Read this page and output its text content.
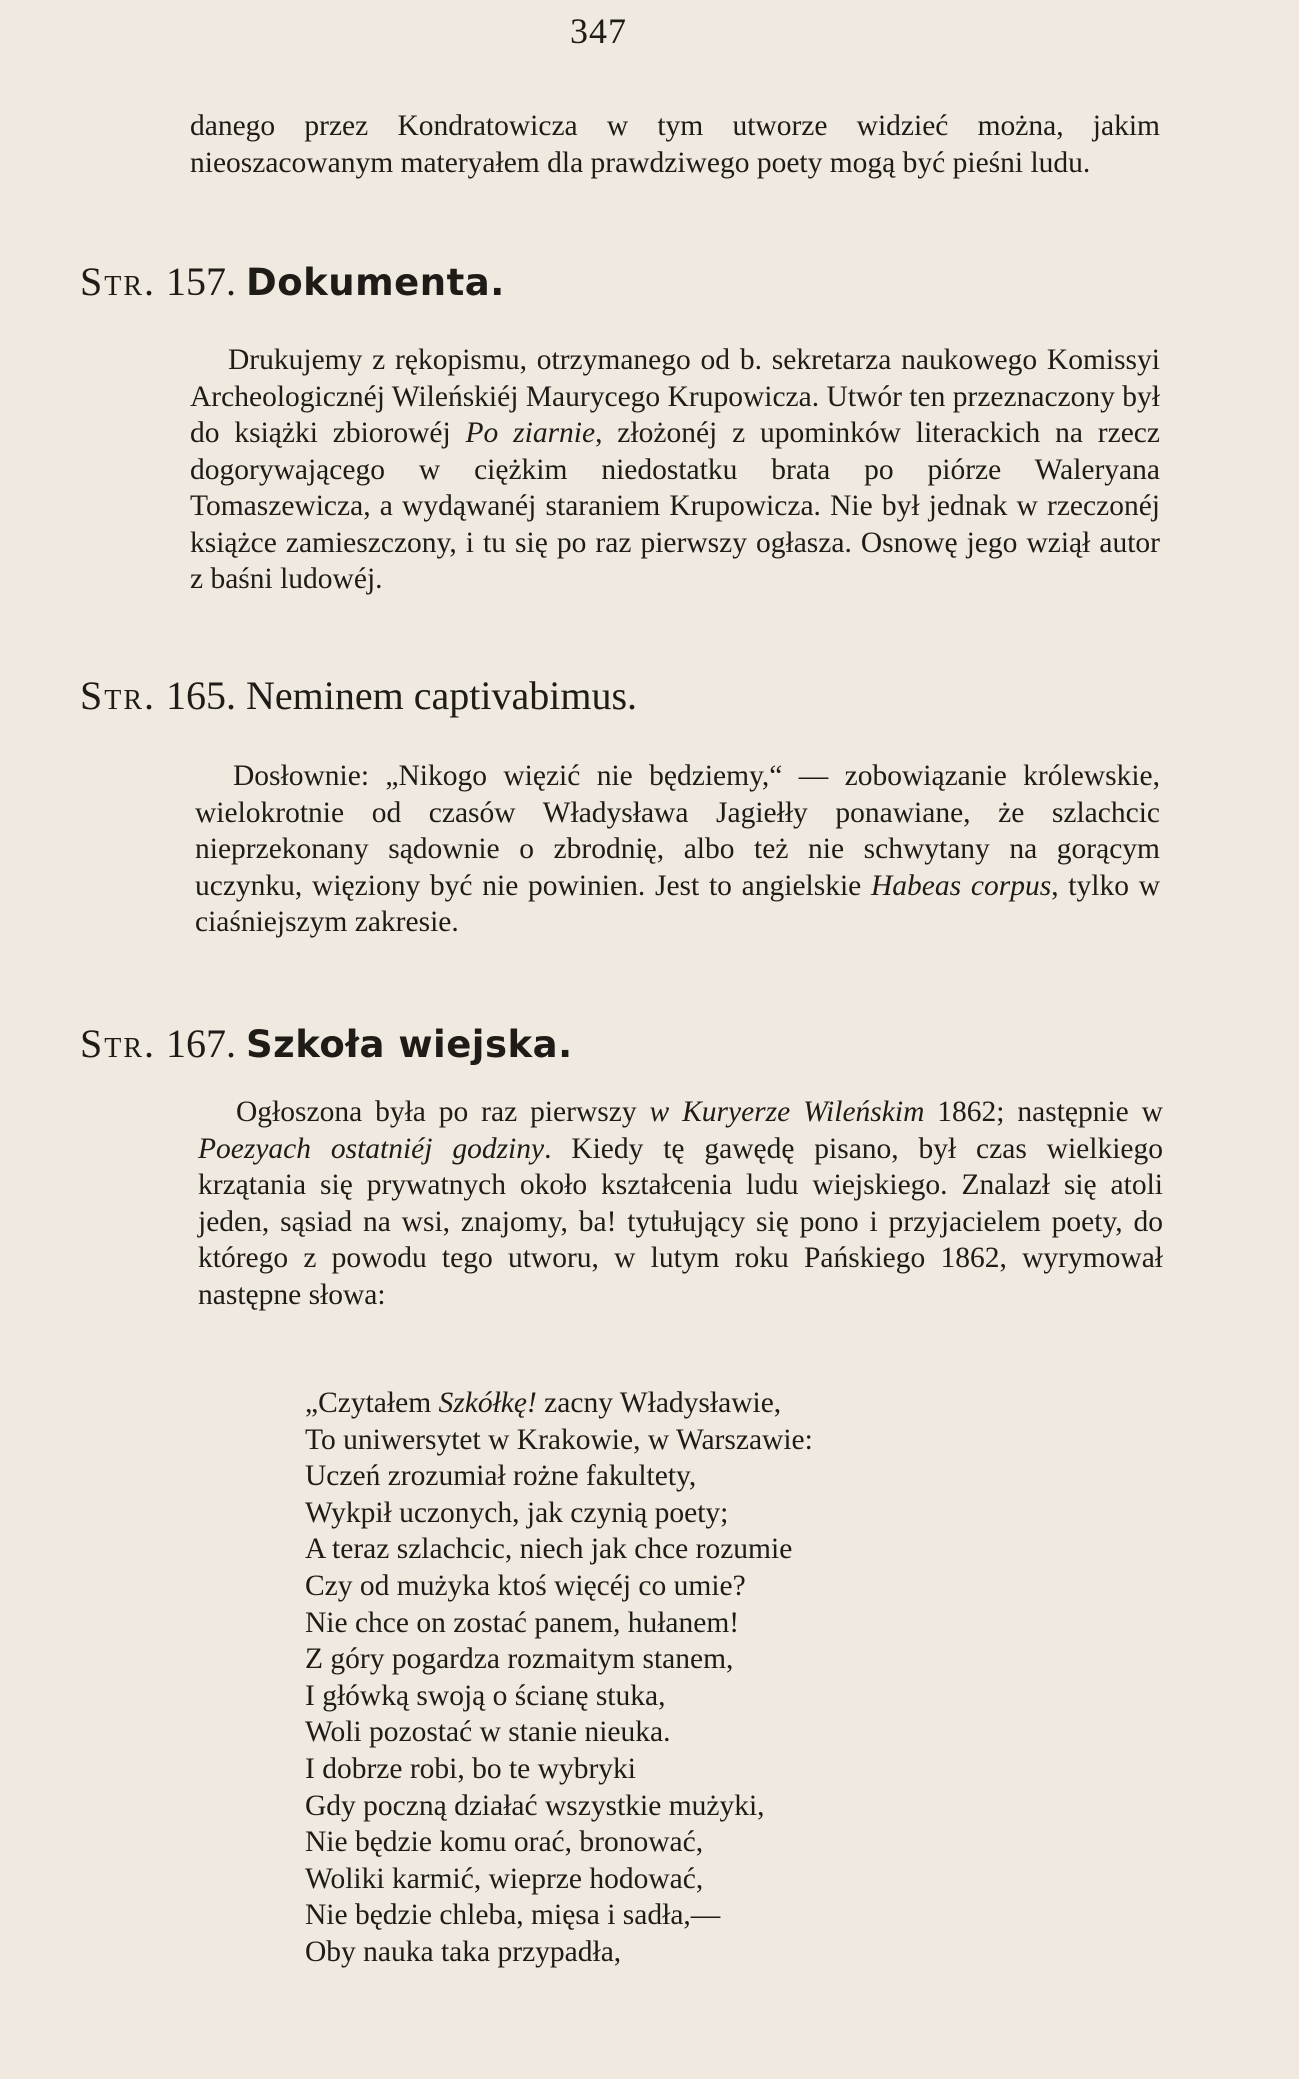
347

danego przez Kondratowicza w tym utworze widzieć można, jakim nieoszacowanym materyałem dla prawdziwego poety mogą być pieśni ludu.

Str. 157. Dokumenta.

Drukujemy z rękopismu, otrzymanego od b. sekretarza naukowego Komissyi Archeologicznéj Wileńskiéj Maurycego Krupowicza. Utwór ten przeznaczony był do książki zbiorowéj Po ziarnie, złożonéj z upominków literackich na rzecz dogorywającego w ciężkim niedostatku brata po piórze Waleryana Tomaszewicza, a wydąwanéj staraniem Krupowicza. Nie był jednak w rzeczonéj książce zamieszczony, i tu się po raz pierwszy ogłasza. Osnowę jego wziął autor z baśni ludowéj.

Str. 165. Neminem captivabimus.

Dosłownie: „Nikogo więzić nie będziemy,“ — zobowiązanie królewskie, wielokrotnie od czasów Władysława Jagiełły ponawiane, że szlachcic nieprzekonany sądownie o zbrodnię, albo też nie schwytany na gorącym uczynku, więziony być nie powinien. Jest to angielskie Habeas corpus, tylko w ciaśniejszym zakresie.

Str. 167. Szkoła wiejska.

Ogłoszona była po raz pierwszy w Kuryerze Wileńskim 1862; następnie w Poezyach ostatniéj godziny. Kiedy tę gawędę pisano, był czas wielkiego krzątania się prywatnych około kształcenia ludu wiejskiego. Znalazł się atoli jeden, sąsiad na wsi, znajomy, ba! tytułujący się pono i przyjacielem poety, do którego z powodu tego utworu, w lutym roku Pańskiego 1862, wyrymował następne słowa:

„Czytałem Szkółkę! zacny Władysławie,
To uniwersytet w Krakowie, w Warszawie:
Uczeń zrozumiał rożne fakultety,
Wykpił uczonych, jak czynią poety;
A teraz szlachcic, niech jak chce rozumie
Czy od mużyka ktoś więcéj co umie?
Nie chce on zostać panem, hułanem!
Z góry pogardza rozmaitym stanem,
I główką swoją o ścianę stuka,
Woli pozostać w stanie nieuka.
I dobrze robi, bo te wybryki
Gdy poczną działać wszystkie mużyki,
Nie będzie komu orać, bronować,
Woliki karmić, wieprze hodować,
Nie będzie chleba, mięsa i sadła,—
Oby nauka taka przypadła,
